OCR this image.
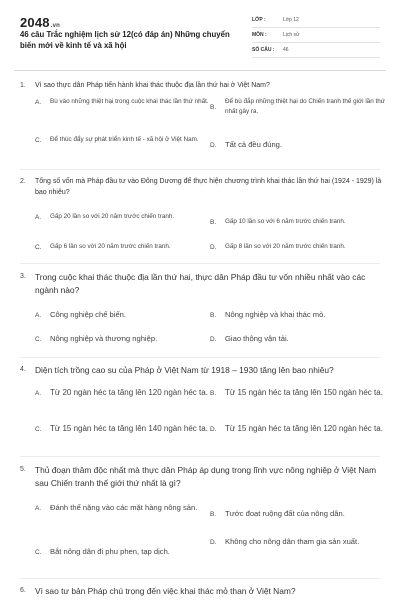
2048.vn
46 câu Trắc nghiệm lịch sử 12(có đáp án) Những chuyển biến mới về kinh tế và xã hội
LỚP :	Lớp 12
MÔN :	Lịch sử
SỐ CÂU :	46
1.	Vì sao thực dân Pháp tiến hành khai thác thuộc địa lần thứ hai ở Việt Nam?
A.	Bù vào những thiệt hại trong cuộc khai thác lần thứ nhất.
B.
Để bù đắp những thiệt hại do Chiến tranh thế giới lần thứ nhất gây ra.
C.	Để thúc đẩy sự phát triển kinh tế - xã hội ở Việt Nam.
D.	Tất cả đều đúng.
2.	Tổng số vốn mà Pháp đầu tư vào Đông Dương để thực hiện chương trình khai thác lần thứ hai (1924 - 1929) là bao nhiêu?
A.	Gấp 20 lần so với 20 năm trước chiến tranh.
B.	Gấp 10 lần so với 6 năm trước chiến tranh.
C.	Gấp 6 lần so với 20 năm trước chiến tranh.	D.	Gấp 8 lần so với 20 năm trước chiến tranh.
3.	Trong cuộc khai thác thuộc địa lần thứ hai, thực dân Pháp đầu tư vốn nhiều nhất vào các ngành nào?
A.	Công nghiệp chế biến.	B.	Nông nghiệp và khai thác mỏ.
C.	Nông nghiệp và thương nghiệp.	D.	Giao thông vận tải.
4.	Diện tích trồng cao su của Pháp ở Việt Nam từ 1918 – 1930 tăng lên bao nhiêu?
A.	Từ 20 ngàn héc ta tăng lên 120 ngàn héc ta. B.	Từ 15 ngàn héc ta tăng lên 150 ngàn héc ta.
C.	Từ 15 ngàn héc ta tăng lên 140 ngàn héc ta. D.	Từ 15 ngàn héc ta tăng lên 120 ngàn héc ta.
5.	Thủ đoạn thâm độc nhất mà thực dân Pháp áp dụng trong lĩnh vực nông nghiệp ở Việt Nam sau Chiến tranh thế giới thứ nhất là gì?
A.	Đánh thế nặng vào các mặt hàng nông sản.
B.	Tước đoạt ruộng đất của nông dân.
C.	Bắt nông dân đi phu phen, tạp dịch.
D.	Không cho nông dân tham gia sản xuất.
6.	Vì sao tư bản Pháp chú trọng đến việc khai thác mỏ than ở Việt Nam?
